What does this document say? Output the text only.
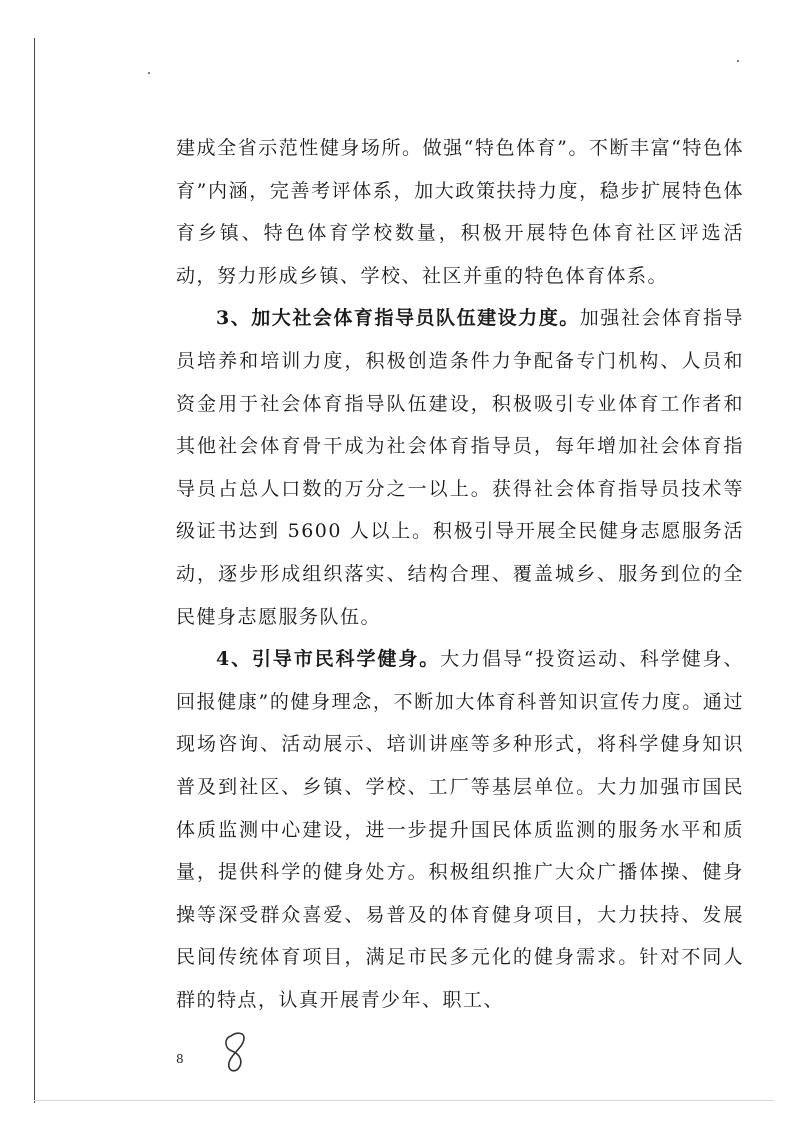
建成全省示范性健身场所。做强“特色体育”。不断丰富“特色体育”内涵，完善考评体系，加大政策扶持力度，稳步扩展特色体育乡镇、特色体育学校数量，积极开展特色体育社区评选活动，努力形成乡镇、学校、社区并重的特色体育体系。

3、加大社会体育指导员队伍建设力度。加强社会体育指导员培养和培训力度，积极创造条件力争配备专门机构、人员和资金用于社会体育指导队伍建设，积极吸引专业体育工作者和其他社会体育骨干成为社会体育指导员，每年增加社会体育指导员占总人口数的万分之一以上。获得社会体育指导员技术等级证书达到 5600 人以上。积极引导开展全民健身志愿服务活动，逐步形成组织落实、结构合理、覆盖城乡、服务到位的全民健身志愿服务队伍。

4、引导市民科学健身。大力倡导“投资运动、科学健身、回报健康”的健身理念，不断加大体育科普知识宣传力度。通过现场咨询、活动展示、培训讲座等多种形式，将科学健身知识普及到社区、乡镇、学校、工厂等基层单位。大力加强市国民体质监测中心建设，进一步提升国民体质监测的服务水平和质量，提供科学的健身处方。积极组织推广大众广播体操、健身操等深受群众喜爱、易普及的体育健身项目，大力扶持、发展民间传统体育项目，满足市民多元化的健身需求。针对不同人群的特点，认真开展青少年、职工、

8
